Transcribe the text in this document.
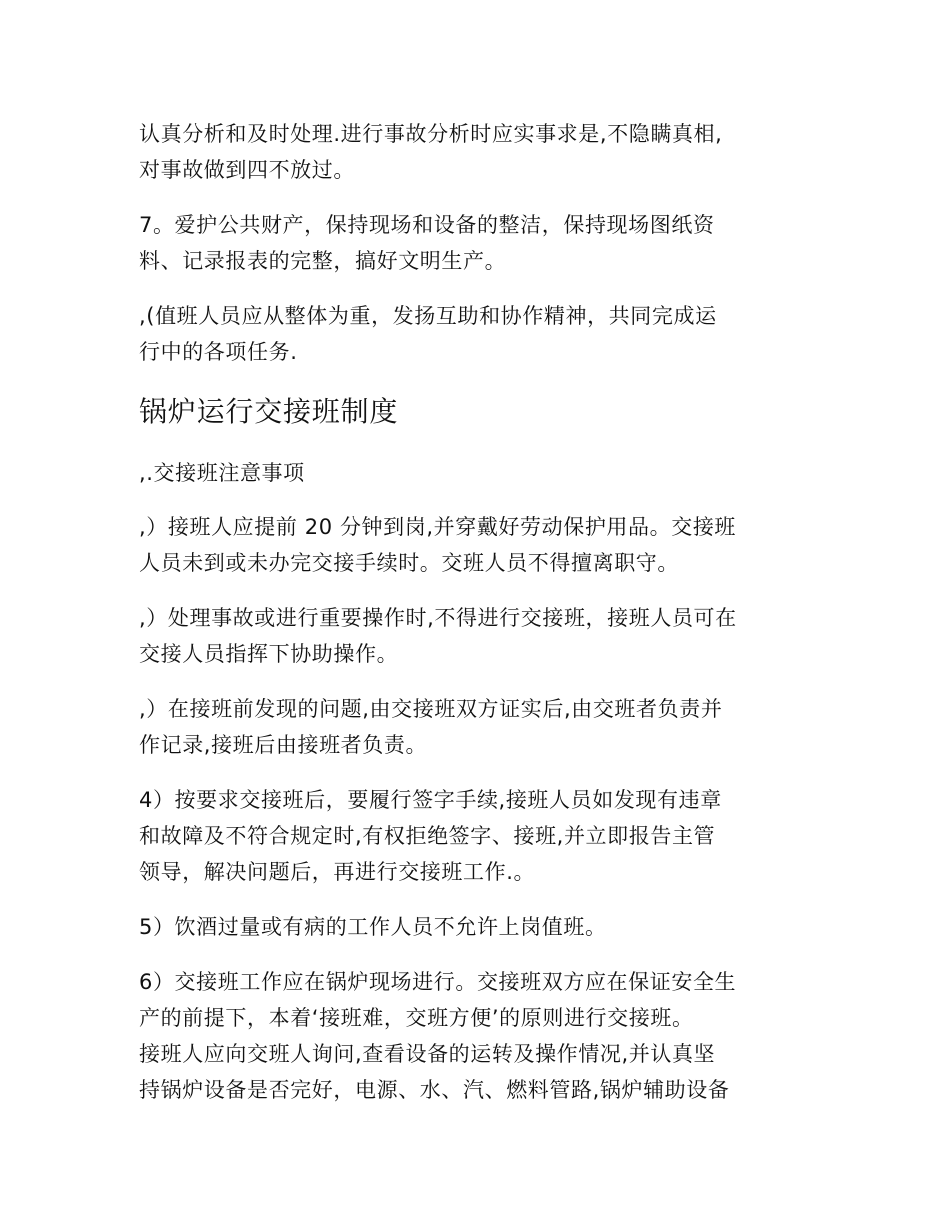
认真分析和及时处理.进行事故分析时应实事求是,不隐瞒真相,
对事故做到四不放过。

7。爱护公共财产，保持现场和设备的整洁，保持现场图纸资
料、记录报表的完整，搞好文明生产。

,(值班人员应从整体为重，发扬互助和协作精神，共同完成运
行中的各项任务.

锅炉运行交接班制度

,.交接班注意事项

,）接班人应提前 20 分钟到岗,并穿戴好劳动保护用品。交接班
人员未到或未办完交接手续时。交班人员不得擅离职守。

,）处理事故或进行重要操作时,不得进行交接班，接班人员可在
交接人员指挥下协助操作。

,）在接班前发现的问题,由交接班双方证实后,由交班者负责并
作记录,接班后由接班者负责。

4）按要求交接班后，要履行签字手续,接班人员如发现有违章
和故障及不符合规定时,有权拒绝签字、接班,并立即报告主管
领导，解决问题后，再进行交接班工作.。

5）饮酒过量或有病的工作人员不允许上岗值班。

6）交接班工作应在锅炉现场进行。交接班双方应在保证安全生
产的前提下，本着‘接班难，交班方便’的原则进行交接班。
接班人应向交班人询问,查看设备的运转及操作情况,并认真坚
持锅炉设备是否完好，电源、水、汽、燃料管路,锅炉辅助设备
